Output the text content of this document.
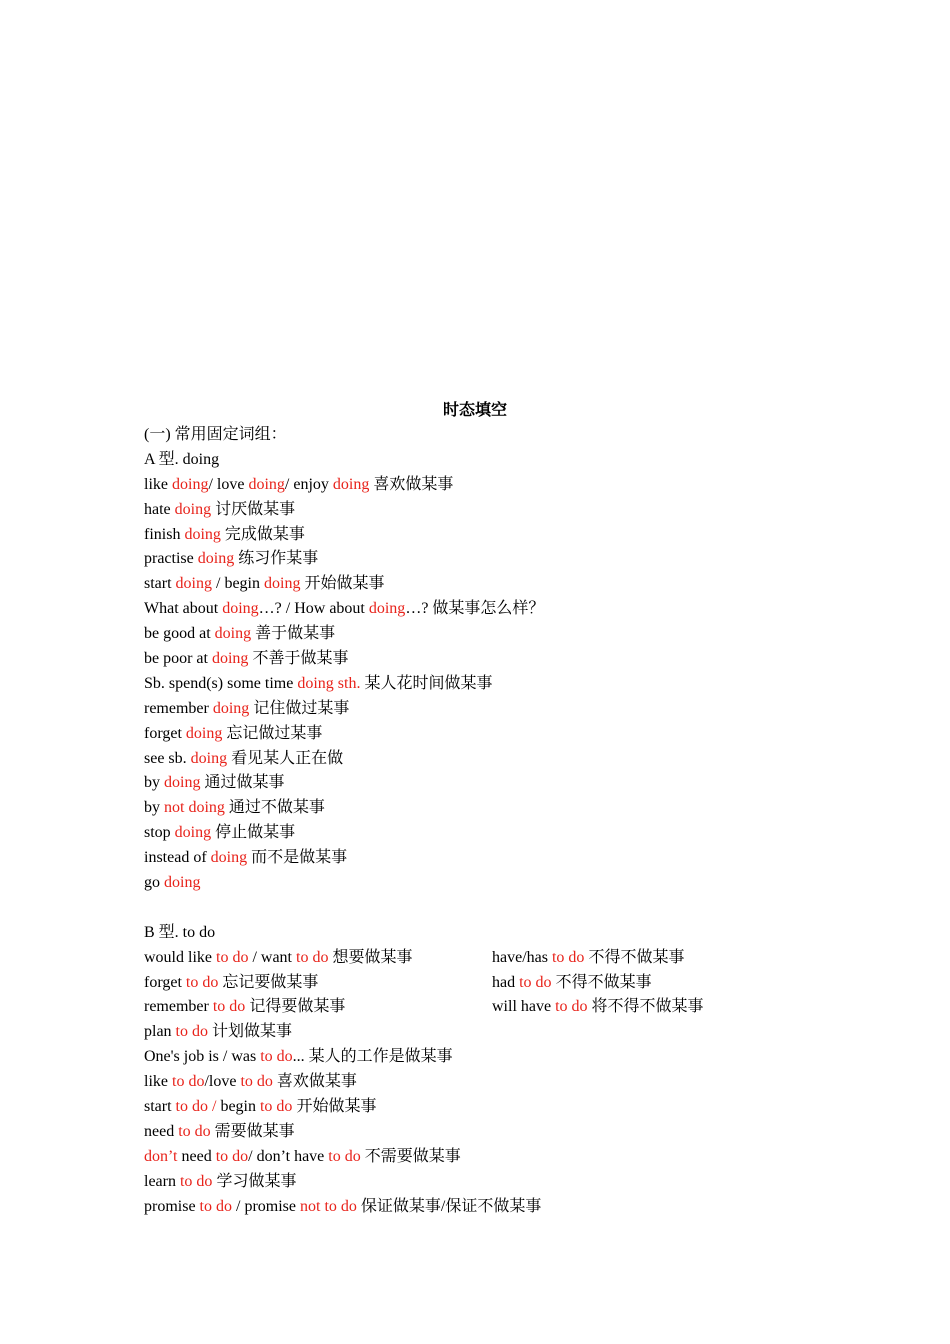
时态填空
(一) 常用固定词组：
A 型. doing
like doing/ love doing/ enjoy doing 喜欢做某事
hate doing 讨厌做某事
finish doing 完成做某事
practise doing 练习作某事
start doing / begin doing 开始做某事
What about doing…? / How about doing…? 做某事怎么样？
be good at doing 善于做某事
be poor at doing 不善于做某事
Sb. spend(s) some time doing sth. 某人花时间做某事
remember doing 记住做过某事
forget doing 忘记做过某事
see sb. doing 看见某人正在做
by doing 通过做某事
by not doing 通过不做某事
stop doing 停止做某事
instead of doing 而不是做某事
go doing
B 型. to do
would like to do / want to do 想要做某事	have/has to do 不得不做某事
forget to do 忘记要做某事	had to do 不得不做某事
remember to do 记得要做某事	will have to do 将不得不做某事
plan to do 计划做某事
One's job is / was to do... 某人的工作是做某事
like to do/love to do 喜欢做某事
start to do / begin to do 开始做某事
need to do 需要做某事
don’t need to do/ don’t have to do 不需要做某事
learn to do 学习做某事
promise to do / promise not to do 保证做某事/保证不做某事
